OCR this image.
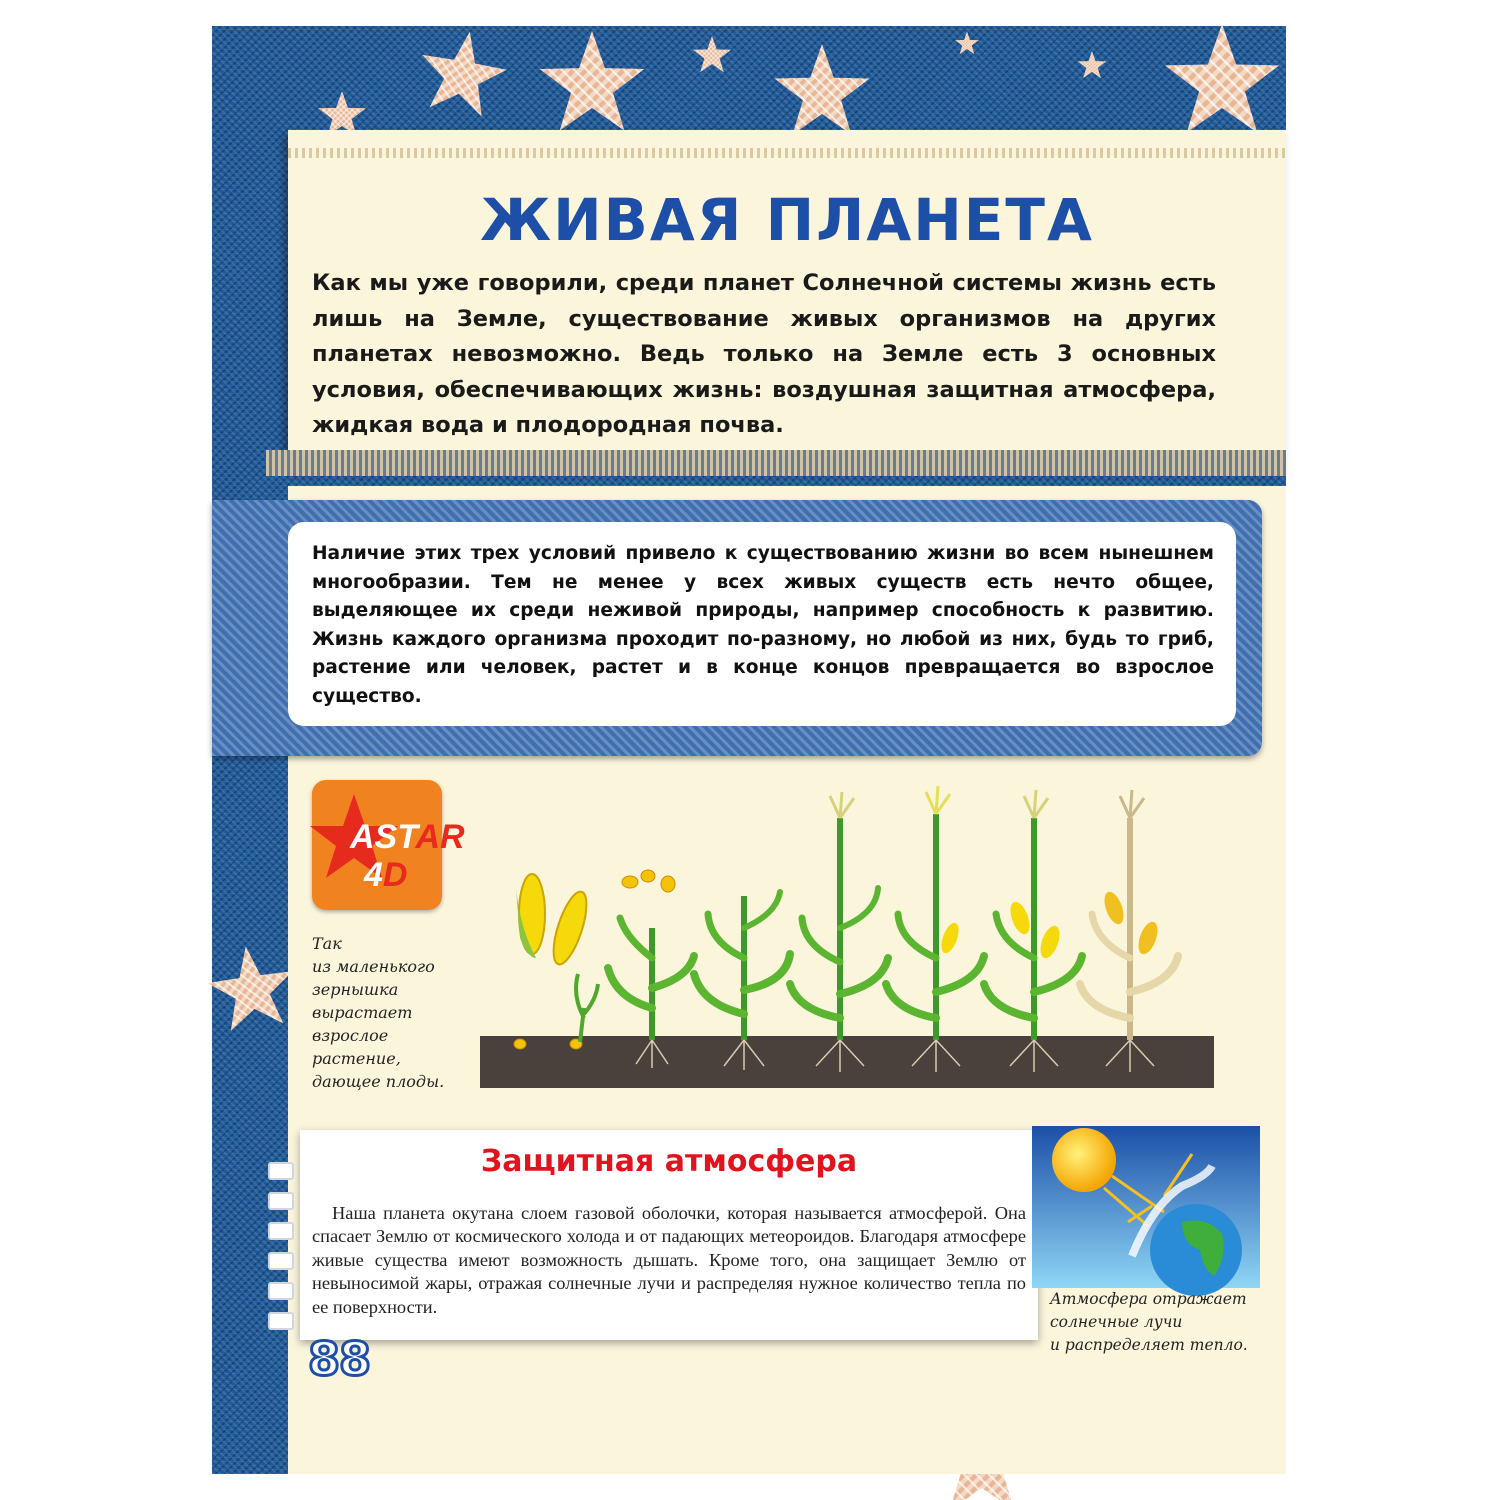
ЖИВАЯ ПЛАНЕТА

Как мы уже говорили, среди планет Солнечной системы жизнь есть лишь на Земле, существование живых организмов на других планетах невозможно. Ведь только на Земле есть 3 основных условия, обеспечивающих жизнь: воздушная защитная атмосфера, жидкая вода и плодородная почва.

Наличие этих трех условий привело к существованию жизни во всем нынешнем многообразии. Тем не менее у всех живых существ есть нечто общее, выделяющее их среди неживой природы, например способность к развитию. Жизнь каждого организма проходит по-разному, но любой из них, будь то гриб, растение или человек, растет и в конце концов превращается во взрослое существо.

ASTAR
4D

Так
из маленького
зернышка
вырастает
взрослое
растение,
дающее плоды.

Защитная атмосфера

Наша планета окутана слоем газовой оболочки, которая называется атмосферой. Она спасает Землю от космического холода и от падающих метеороидов. Благодаря атмосфере живые существа имеют возможность дышать. Кроме того, она защищает Землю от невыносимой жары, отражая солнечные лучи и распределяя нужное количество тепла по ее поверхности.	Атмосфера отражает
солнечные лучи
и распределяет тепло.

88
